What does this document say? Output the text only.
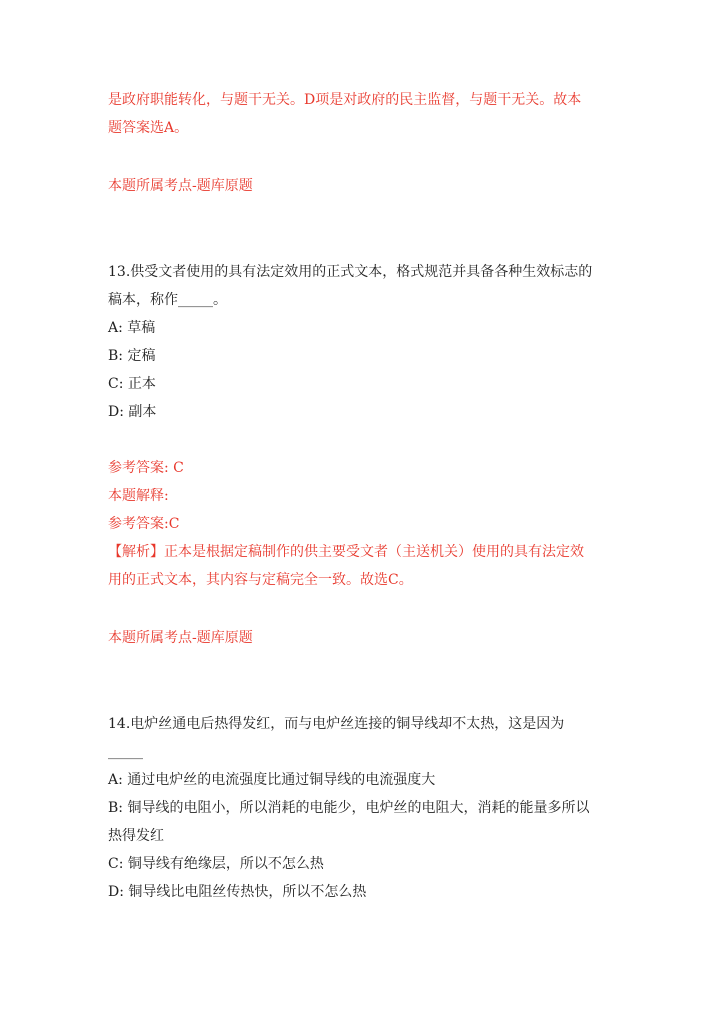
是政府职能转化，与题干无关。D项是对政府的民主监督，与题干无关。故本
题答案选A。
本题所属考点-题库原题
13.供受文者使用的具有法定效用的正式文本，格式规范并具备各种生效标志的
稿本，称作_____。
A: 草稿
B: 定稿
C: 正本
D: 副本
参考答案: C
本题解释:
参考答案:C
【解析】正本是根据定稿制作的供主要受文者（主送机关）使用的具有法定效
用的正式文本，其内容与定稿完全一致。故选C。
本题所属考点-题库原题
14.电炉丝通电后热得发红，而与电炉丝连接的铜导线却不太热，这是因为
_____
A: 通过电炉丝的电流强度比通过铜导线的电流强度大
B: 铜导线的电阻小，所以消耗的电能少，电炉丝的电阻大，消耗的能量多所以
热得发红
C: 铜导线有绝缘层，所以不怎么热
D: 铜导线比电阻丝传热快，所以不怎么热
